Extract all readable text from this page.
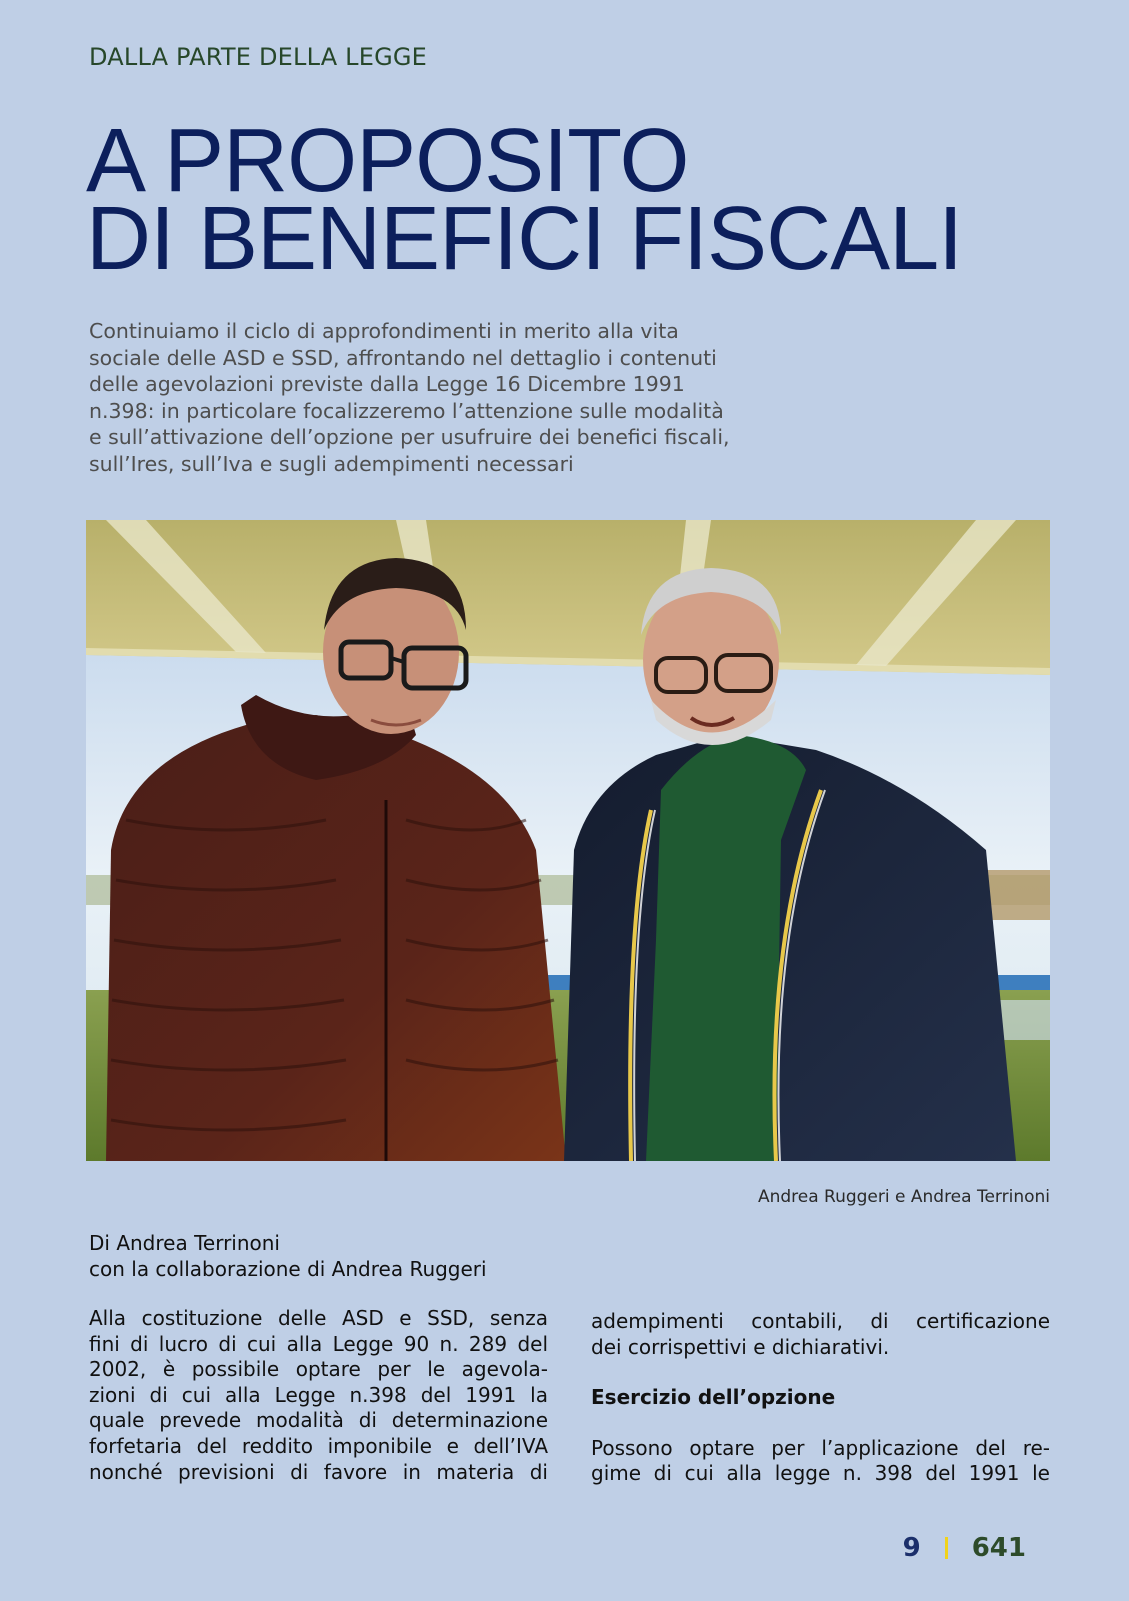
DALLA PARTE DELLA LEGGE
A PROPOSITO
DI BENEFICI FISCALI

Continuiamo il ciclo di approfondimenti in merito alla vita
sociale delle ASD e SSD, affrontando nel dettaglio i contenuti
delle agevolazioni previste dalla Legge 16 Dicembre 1991
n.398: in particolare focalizzeremo l’attenzione sulle modalità
e sull’attivazione dell’opzione per usufruire dei benefici fiscali,
sull’Ires, sull’Iva e sugli adempimenti necessari

Andrea Ruggeri e Andrea Terrinoni
Di Andrea Terrinoni
con la collaborazione di Andrea Ruggeri
Alla costituzione delle ASD e SSD, senza
fini di lucro di cui alla Legge 90 n. 289 del
2002, è possibile optare per le agevola-
zioni di cui alla Legge n.398 del 1991 la
quale prevede modalità di determinazione
forfetaria del reddito imponibile e dell’IVA
nonché previsioni di favore in materia di
adempimenti contabili, di certificazione
dei corrispettivi e dichiarativi.
Esercizio dell’opzione
Possono optare per l’applicazione del re-
gime di cui alla legge n. 398 del 1991 le
9 641
